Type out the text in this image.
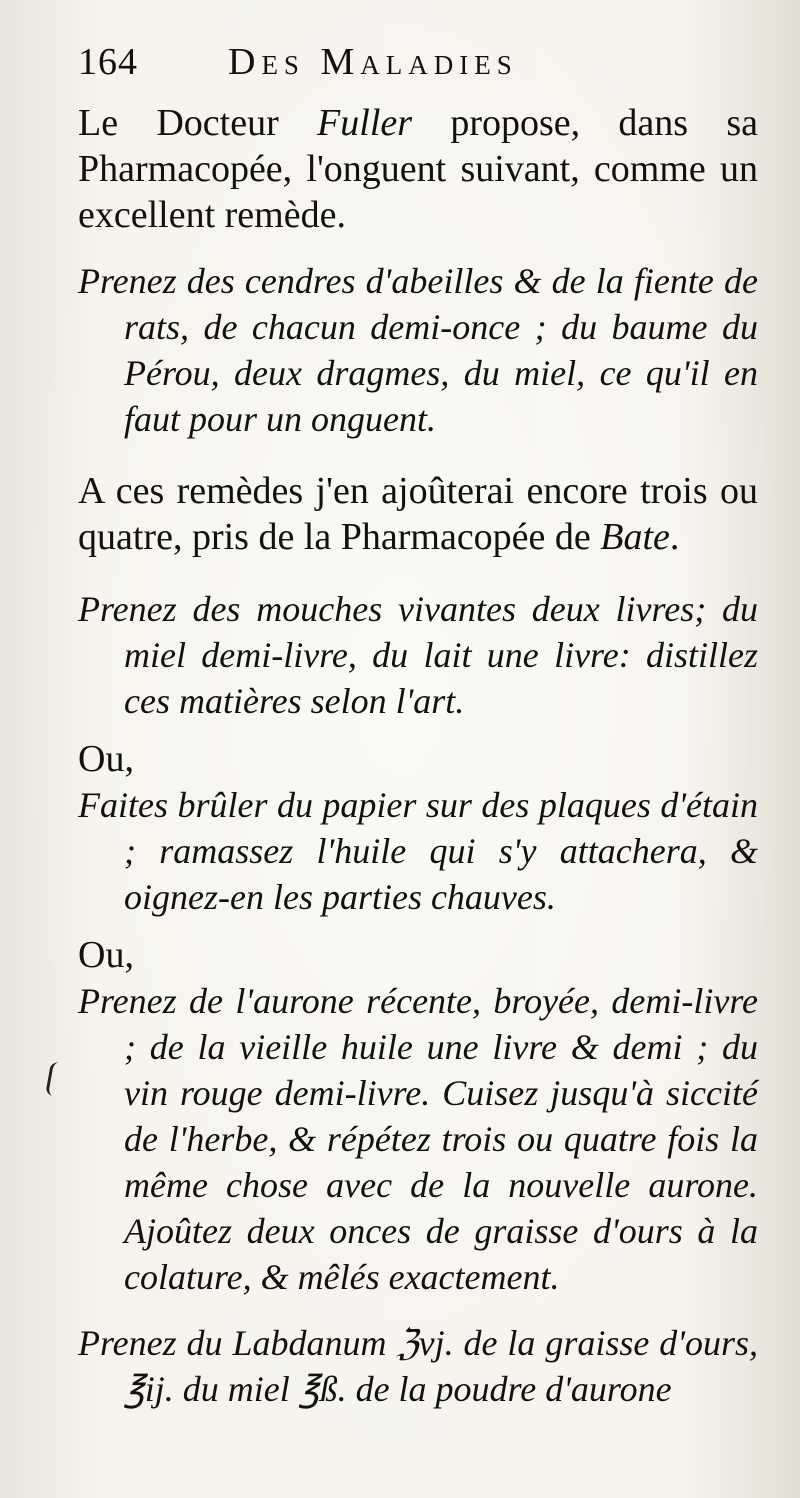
164	Des Maladies

Le Docteur Fuller propose, dans sa Pharmacopée, l'onguent suivant, comme un excellent remède.

Prenez des cendres d'abeilles & de la fiente de rats, de chacun demi-once ; du baume du Pérou, deux dragmes, du miel, ce qu'il en faut pour un onguent.

A ces remèdes j'en ajoûterai encore trois ou quatre, pris de la Pharmacopée de Bate.

Prenez des mouches vivantes deux livres; du miel demi-livre, du lait une livre: distillez ces matières selon l'art.

Ou,

Faites brûler du papier sur des plaques d'étain ; ramassez l'huile qui s'y attachera, & oignez-en les parties chauves.

Ou,

Prenez de l'aurone récente, broyée, demi-livre ; de la vieille huile une livre & demi ; du vin rouge demi-livre. Cuisez jusqu'à siccité de l'herbe, & répétez trois ou quatre fois la même chose avec de la nouvelle aurone. Ajoûtez deux onces de graisse d'ours à la colature, & mêlés exactement.

Prenez du Labdanum ℨvj. de la graisse d'ours, ℥ij. du miel ℥ß. de la poudre d'aurone
